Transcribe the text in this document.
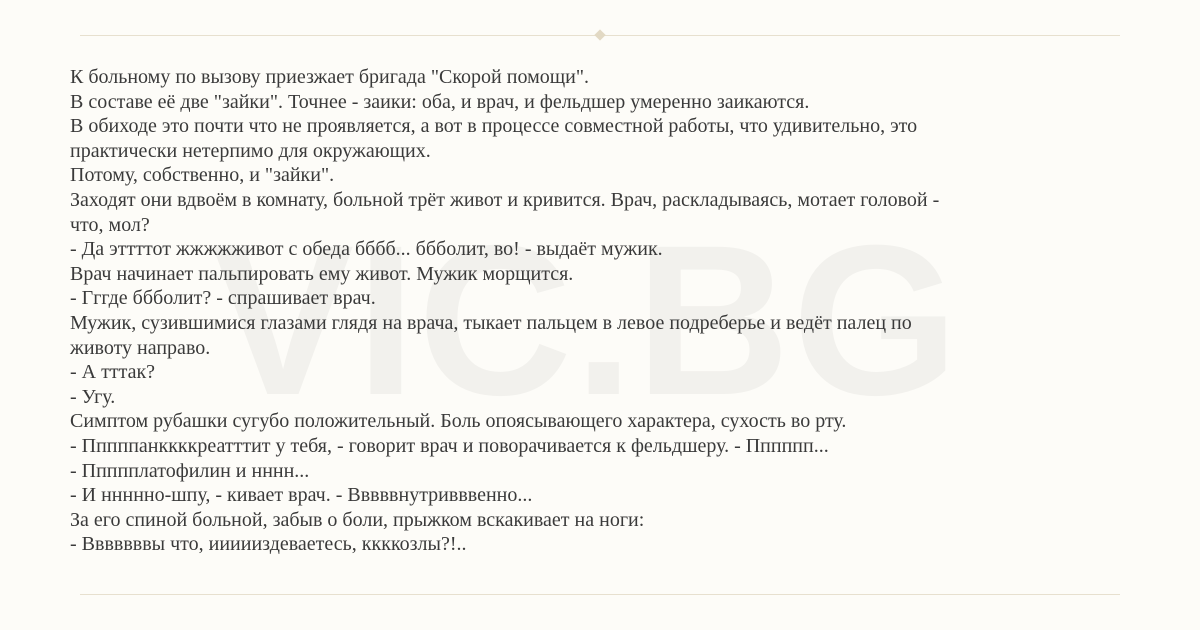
К больному по вызову приезжает бригада "Скорой помощи".
В составе её две "зайки". Точнее - заики: оба, и врач, и фельдшер умеренно заикаются.
В обиходе это почти что не проявляется, а вот в процессе совместной работы, что удивительно, это
практически нетерпимо для окружающих.
Потому, собственно, и "зайки".
Заходят они вдвоём в комнату, больной трёт живот и кривится. Врач, раскладываясь, мотает головой -
что, мол?
- Да эттттот жжжжживот с обеда бббб... ббболит, во! - выдаёт мужик.
Врач начинает пальпировать ему живот. Мужик морщится.
- Гггде ббболит? - спрашивает врач.
Мужик, сузившимися глазами глядя на врача, тыкает пальцем в левое подреберье и ведёт палец по
животу направо.
- А тттак?
- Угу.
Симптом рубашки сугубо положительный. Боль опоясывающего характера, сухость во рту.
- Пппппанккккреатттит у тебя, - говорит врач и поворачивается к фельдшеру. - Пппппп...
- Ппппплатофилин и нннн...
- И ннннно-шпу, - кивает врач. - Вввввнутривввенно...
За его спиной больной, забыв о боли, прыжком вскакивает на ноги:
- Вввввввы что, иииииздеваетесь, ккккозлы?!..
